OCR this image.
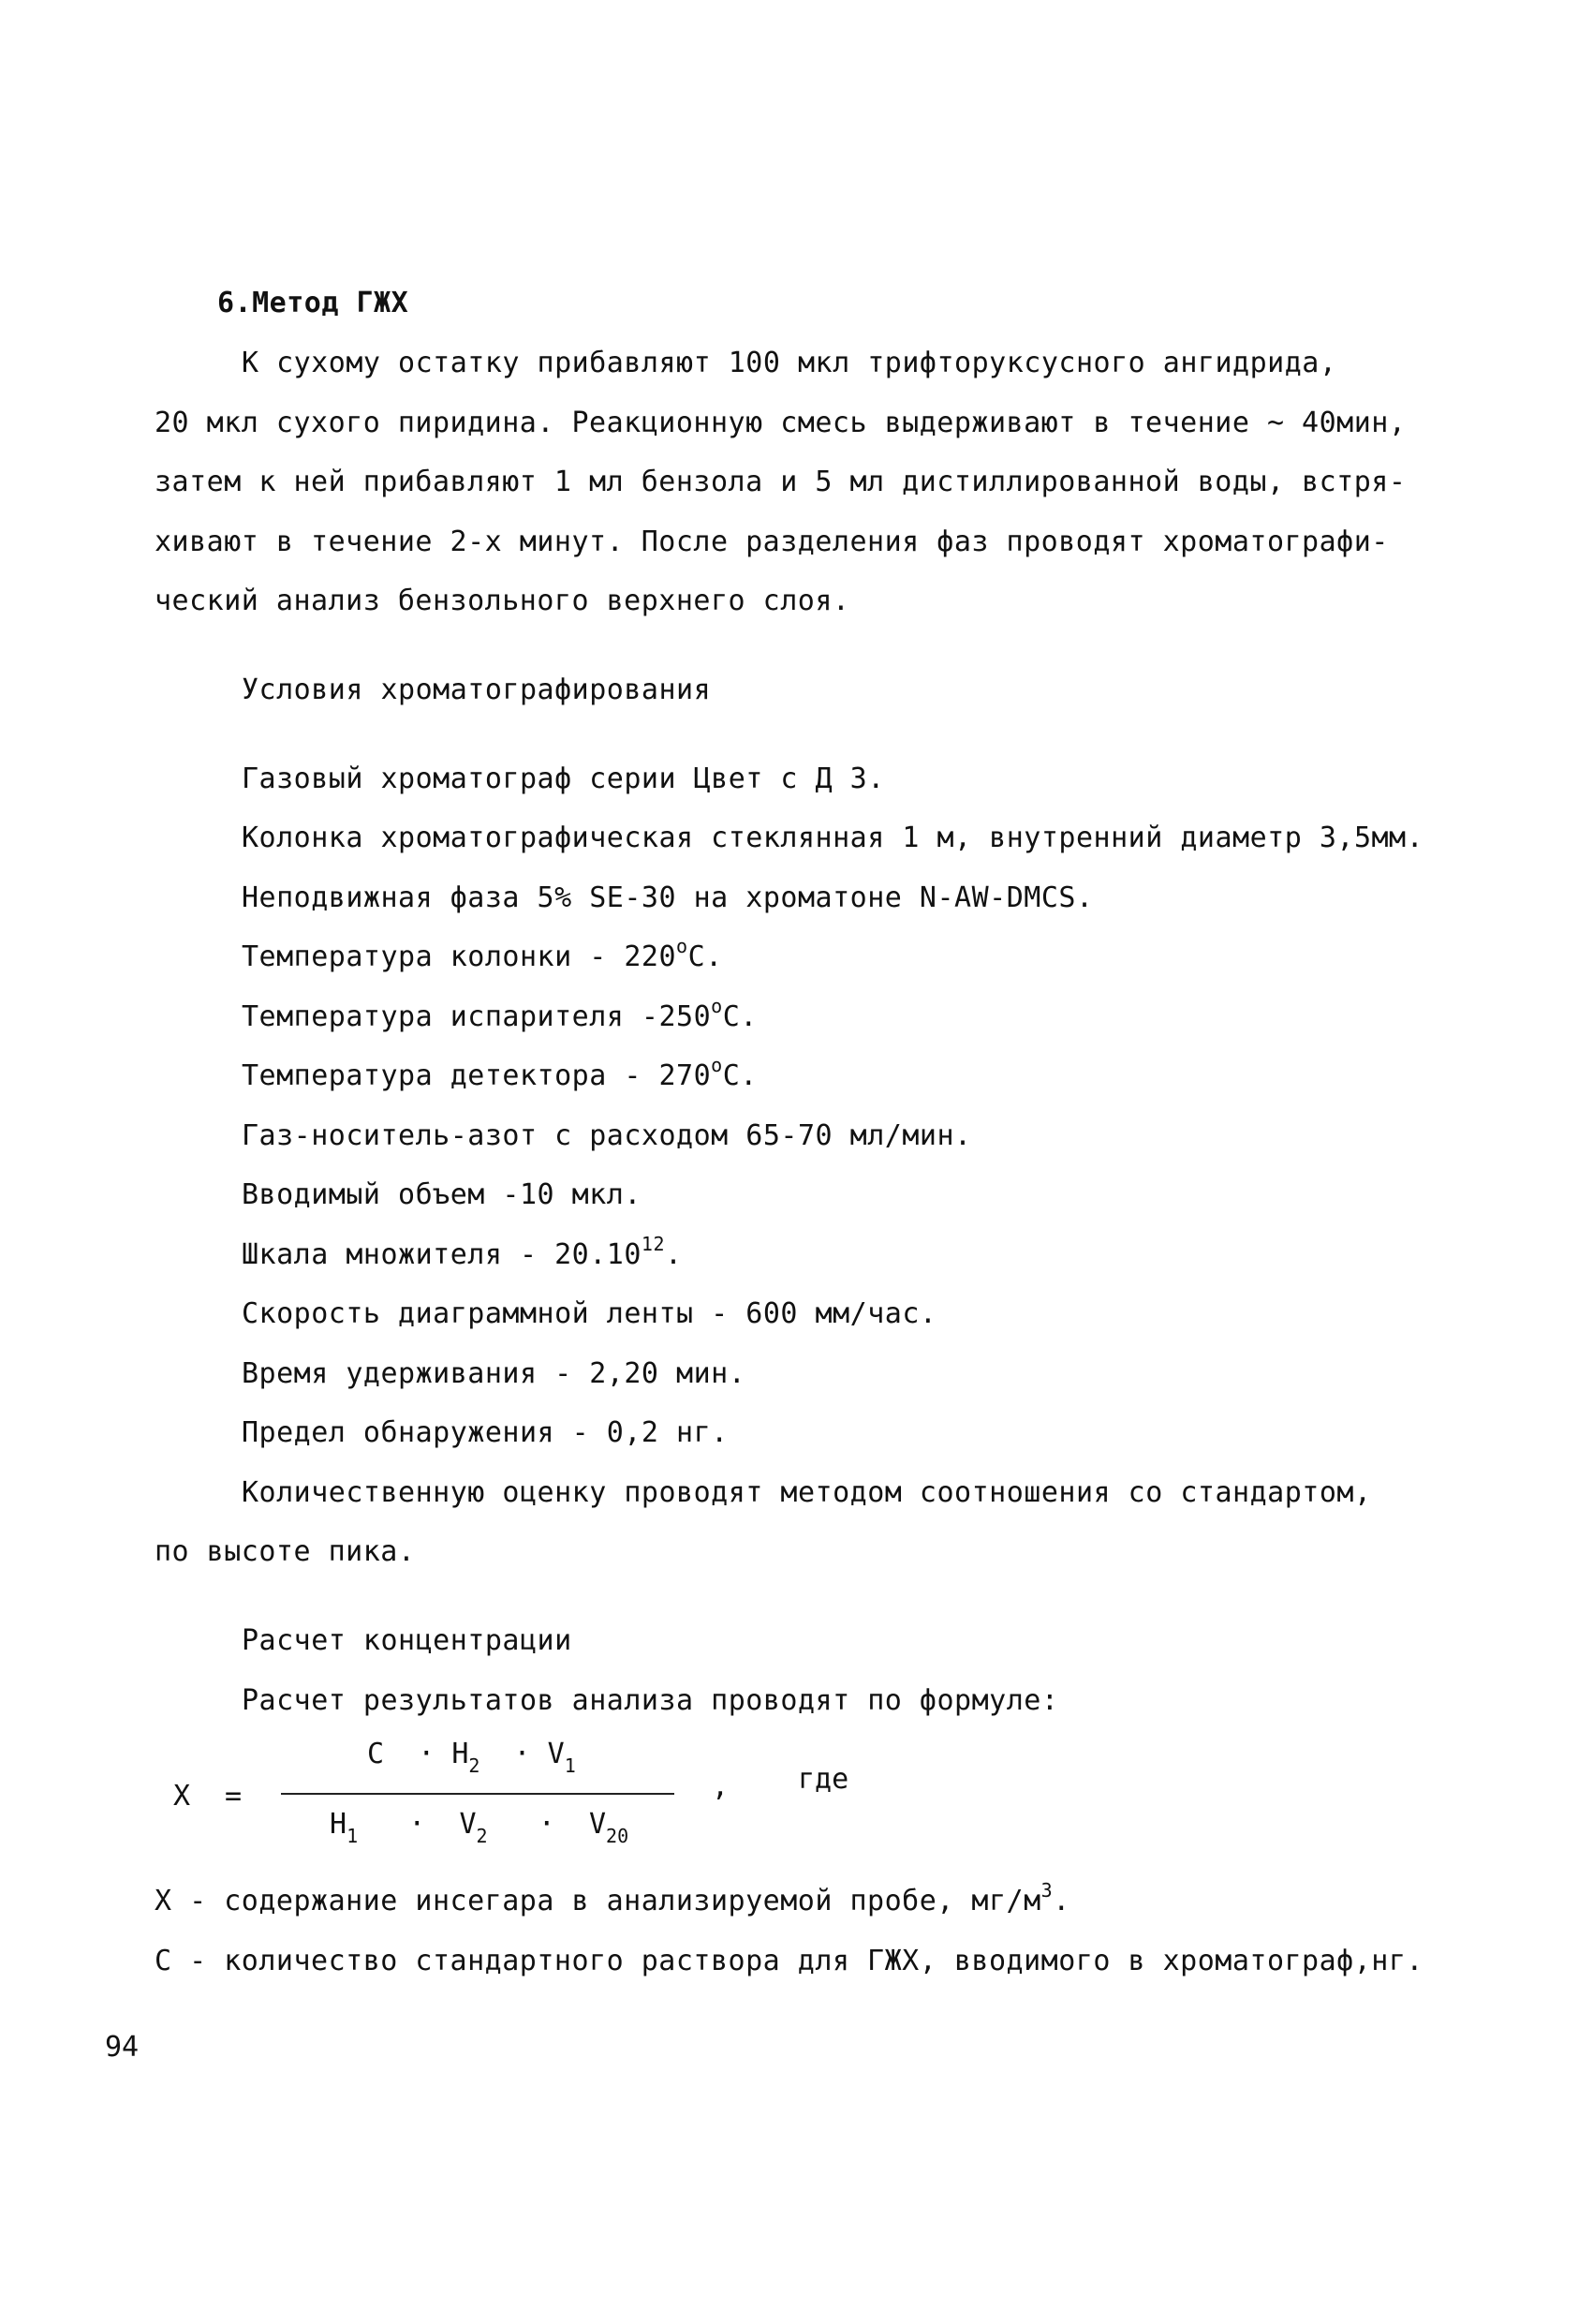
6.Метод ГЖХ
К сухому остатку прибавляют 100 мкл трифторуксусного ангидрида,
20 мкл сухого пиридина. Реакционную смесь выдерживают в течение ~ 40мин,
затем к ней прибавляют 1 мл бензола и 5 мл дистиллированной воды, встря-
хивают в течение 2-х минут. После разделения фаз проводят хроматографи-
ческий анализ бензольного верхнего слоя.
Условия хроматографирования
Газовый хроматограф серии Цвет с Д 3.
Колонка хроматографическая стеклянная 1 м, внутренний диаметр 3,5мм.
Неподвижная фаза 5% SE-30 на хроматоне N-AW-DMCS.
Температура колонки - 220$^o$С.
Температура испарителя -250$^o$С.
Температура детектора - 270$^o$С.
Газ-носитель-азот с расходом 65-70 мл/мин.
Вводимый объем -10 мкл.
Шкала множителя - 20.10$^{12}$.
Скорость диаграммной ленты - 600 мм/час.
Время удерживания - 2,20 мин.
Предел обнаружения - 0,2 нг.
Количественную оценку проводят методом соотношения со стандартом,
по высоте пика.
Расчет концентрации
Расчет результатов анализа проводят по формуле:
X =
$С \cdot H_2 \cdot V_1$
$H_1 \cdot V_2 \cdot V_{20}$
, где
Х - содержание инсегара в анализируемой пробе, $мг/м^3$.
С - количество стандартного раствора для ГЖХ, вводимого в хроматограф,нг.
94
